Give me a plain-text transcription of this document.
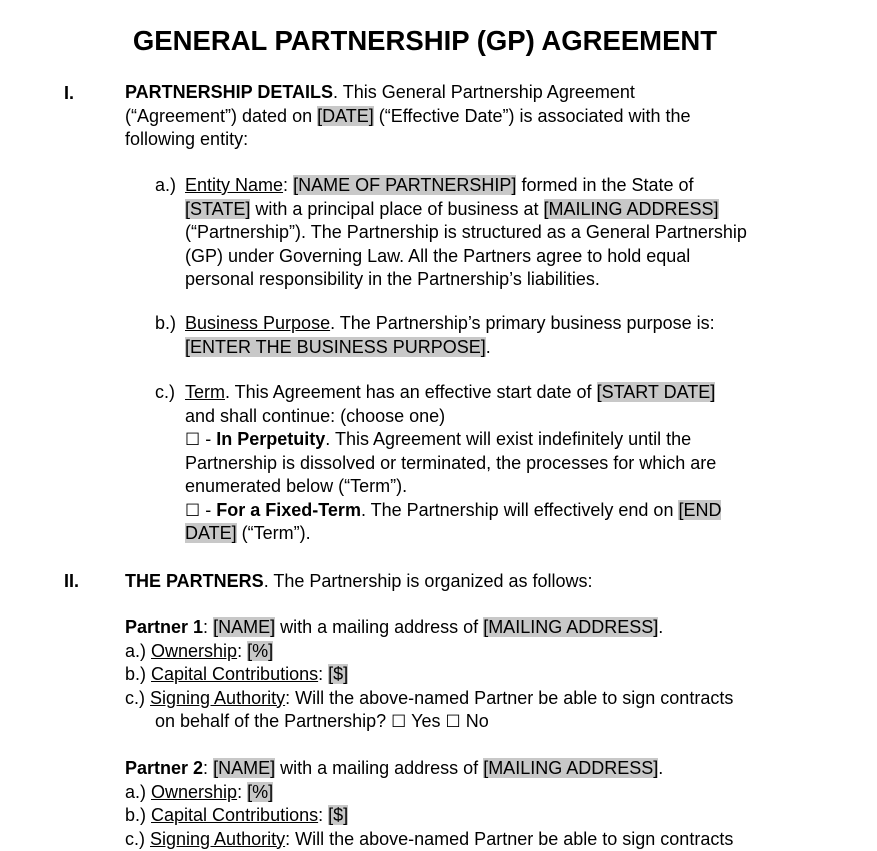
GENERAL PARTNERSHIP (GP) AGREEMENT
I.	PARTNERSHIP DETAILS. This General Partnership Agreement
(“Agreement”) dated on [DATE] (“Effective Date”) is associated with the
following entity:
a.) Entity Name: [NAME OF PARTNERSHIP] formed in the State of
[STATE] with a principal place of business at [MAILING ADDRESS]
(“Partnership”). The Partnership is structured as a General Partnership
(GP) under Governing Law. All the Partners agree to hold equal
personal responsibility in the Partnership’s liabilities.
b.) Business Purpose. The Partnership’s primary business purpose is:
[ENTER THE BUSINESS PURPOSE].
c.) Term. This Agreement has an effective start date of [START DATE]
and shall continue: (choose one)
☐ - In Perpetuity. This Agreement will exist indefinitely until the
Partnership is dissolved or terminated, the processes for which are
enumerated below (“Term”).
☐ - For a Fixed-Term. The Partnership will effectively end on [END
DATE] (“Term”).
II.	THE PARTNERS. The Partnership is organized as follows:
Partner 1: [NAME] with a mailing address of [MAILING ADDRESS].
a.) Ownership: [%]
b.) Capital Contributions: [$]
c.) Signing Authority: Will the above-named Partner be able to sign contracts
on behalf of the Partnership? ☐ Yes ☐ No
Partner 2: [NAME] with a mailing address of [MAILING ADDRESS].
a.) Ownership: [%]
b.) Capital Contributions: [$]
c.) Signing Authority: Will the above-named Partner be able to sign contracts
